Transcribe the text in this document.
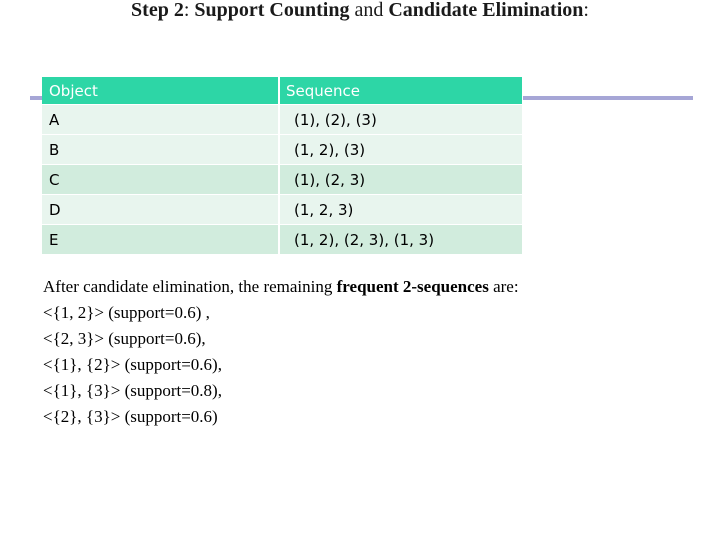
Step 2: Support Counting and Candidate Elimination:
Object	Sequence
A	(1), (2), (3)
B	(1, 2), (3)
C	(1), (2, 3)
D	(1, 2, 3)
E	(1, 2), (2, 3), (1, 3)
After candidate elimination, the remaining frequent 2-sequences are:
<{1, 2}> (support=0.6) ,
<{2, 3}> (support=0.6),
<{1}, {2}> (support=0.6),
<{1}, {3}> (support=0.8),
<{2}, {3}> (support=0.6)
